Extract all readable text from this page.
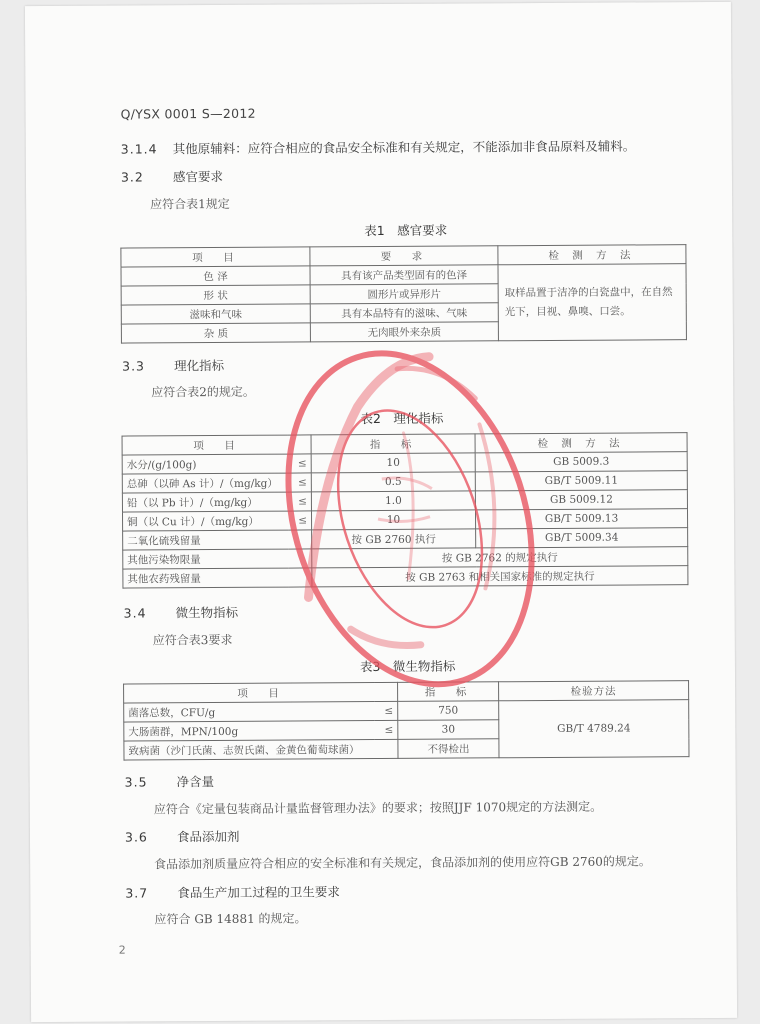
Q/YSX 0001 S—2012
3.1.4 其他原辅料：应符合相应的食品安全标准和有关规定，不能添加非食品原料及辅料。
3.2 感官要求
应符合表1规定
表1　感官要求
项　目	要　求	检 测 方 法
色 泽	具有该产品类型固有的色泽	取样品置于洁净的白瓷盘中，在自然光下，目视、鼻嗅、口尝。
形 状	圆形片或异形片	
滋味和气味	具有本品特有的滋味、气味	
杂 质	无肉眼外来杂质	
3.3 理化指标
应符合表2的规定。
表2　理化指标
项　目		指　标	检 测 方 法
水分/(g/100g)	≤	10	GB 5009.3
总砷（以砷 As 计）/（mg/kg）	≤	0.5	GB/T 5009.11
铅（以 Pb 计）/（mg/kg）	≤	1.0	GB 5009.12
铜（以 Cu 计）/（mg/kg）	≤	10	GB/T 5009.13
二氧化硫残留量		按 GB 2760 执行	GB/T 5009.34
其他污染物限量		按 GB 2762 的规定执行	
其他农药残留量		按 GB 2763 和相关国家标准的规定执行	
3.4 微生物指标
应符合表3要求
表3　微生物指标
项　目		指　标	检验方法
菌落总数，CFU/g	≤	750	GB/T 4789.24
大肠菌群，MPN/100g	≤	30	
致病菌（沙门氏菌、志贺氏菌、金黄色葡萄球菌）		不得检出	
3.5 净含量
应符合《定量包装商品计量监督管理办法》的要求；按照JJF 1070规定的方法测定。
3.6 食品添加剂
食品添加剂质量应符合相应的安全标准和有关规定，食品添加剂的使用应符GB 2760的规定。
3.7 食品生产加工过程的卫生要求
应符合 GB 14881 的规定。
2
